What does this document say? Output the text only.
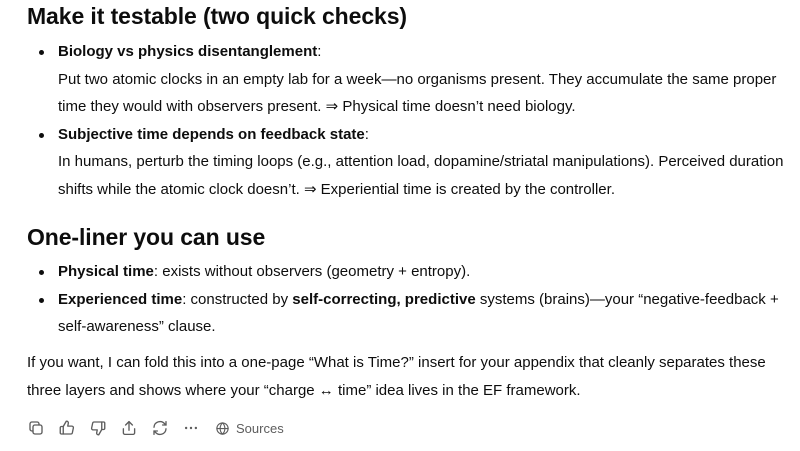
Make it testable (two quick checks)
Biology vs physics disentanglement:
Put two atomic clocks in an empty lab for a week—no organisms present. They accumulate the same proper time they would with observers present. ⇒ Physical time doesn’t need biology.
Subjective time depends on feedback state:
In humans, perturb the timing loops (e.g., attention load, dopamine/striatal manipulations). Perceived duration shifts while the atomic clock doesn’t. ⇒ Experiential time is created by the controller.
One-liner you can use
Physical time: exists without observers (geometry + entropy).
Experienced time: constructed by self-correcting, predictive systems (brains)—your “negative-feedback + self-awareness” clause.

If you want, I can fold this into a one-page “What is Time?” insert for your appendix that cleanly separates these three layers and shows where your “charge ↔ time” idea lives in the EF framework.

Sources
